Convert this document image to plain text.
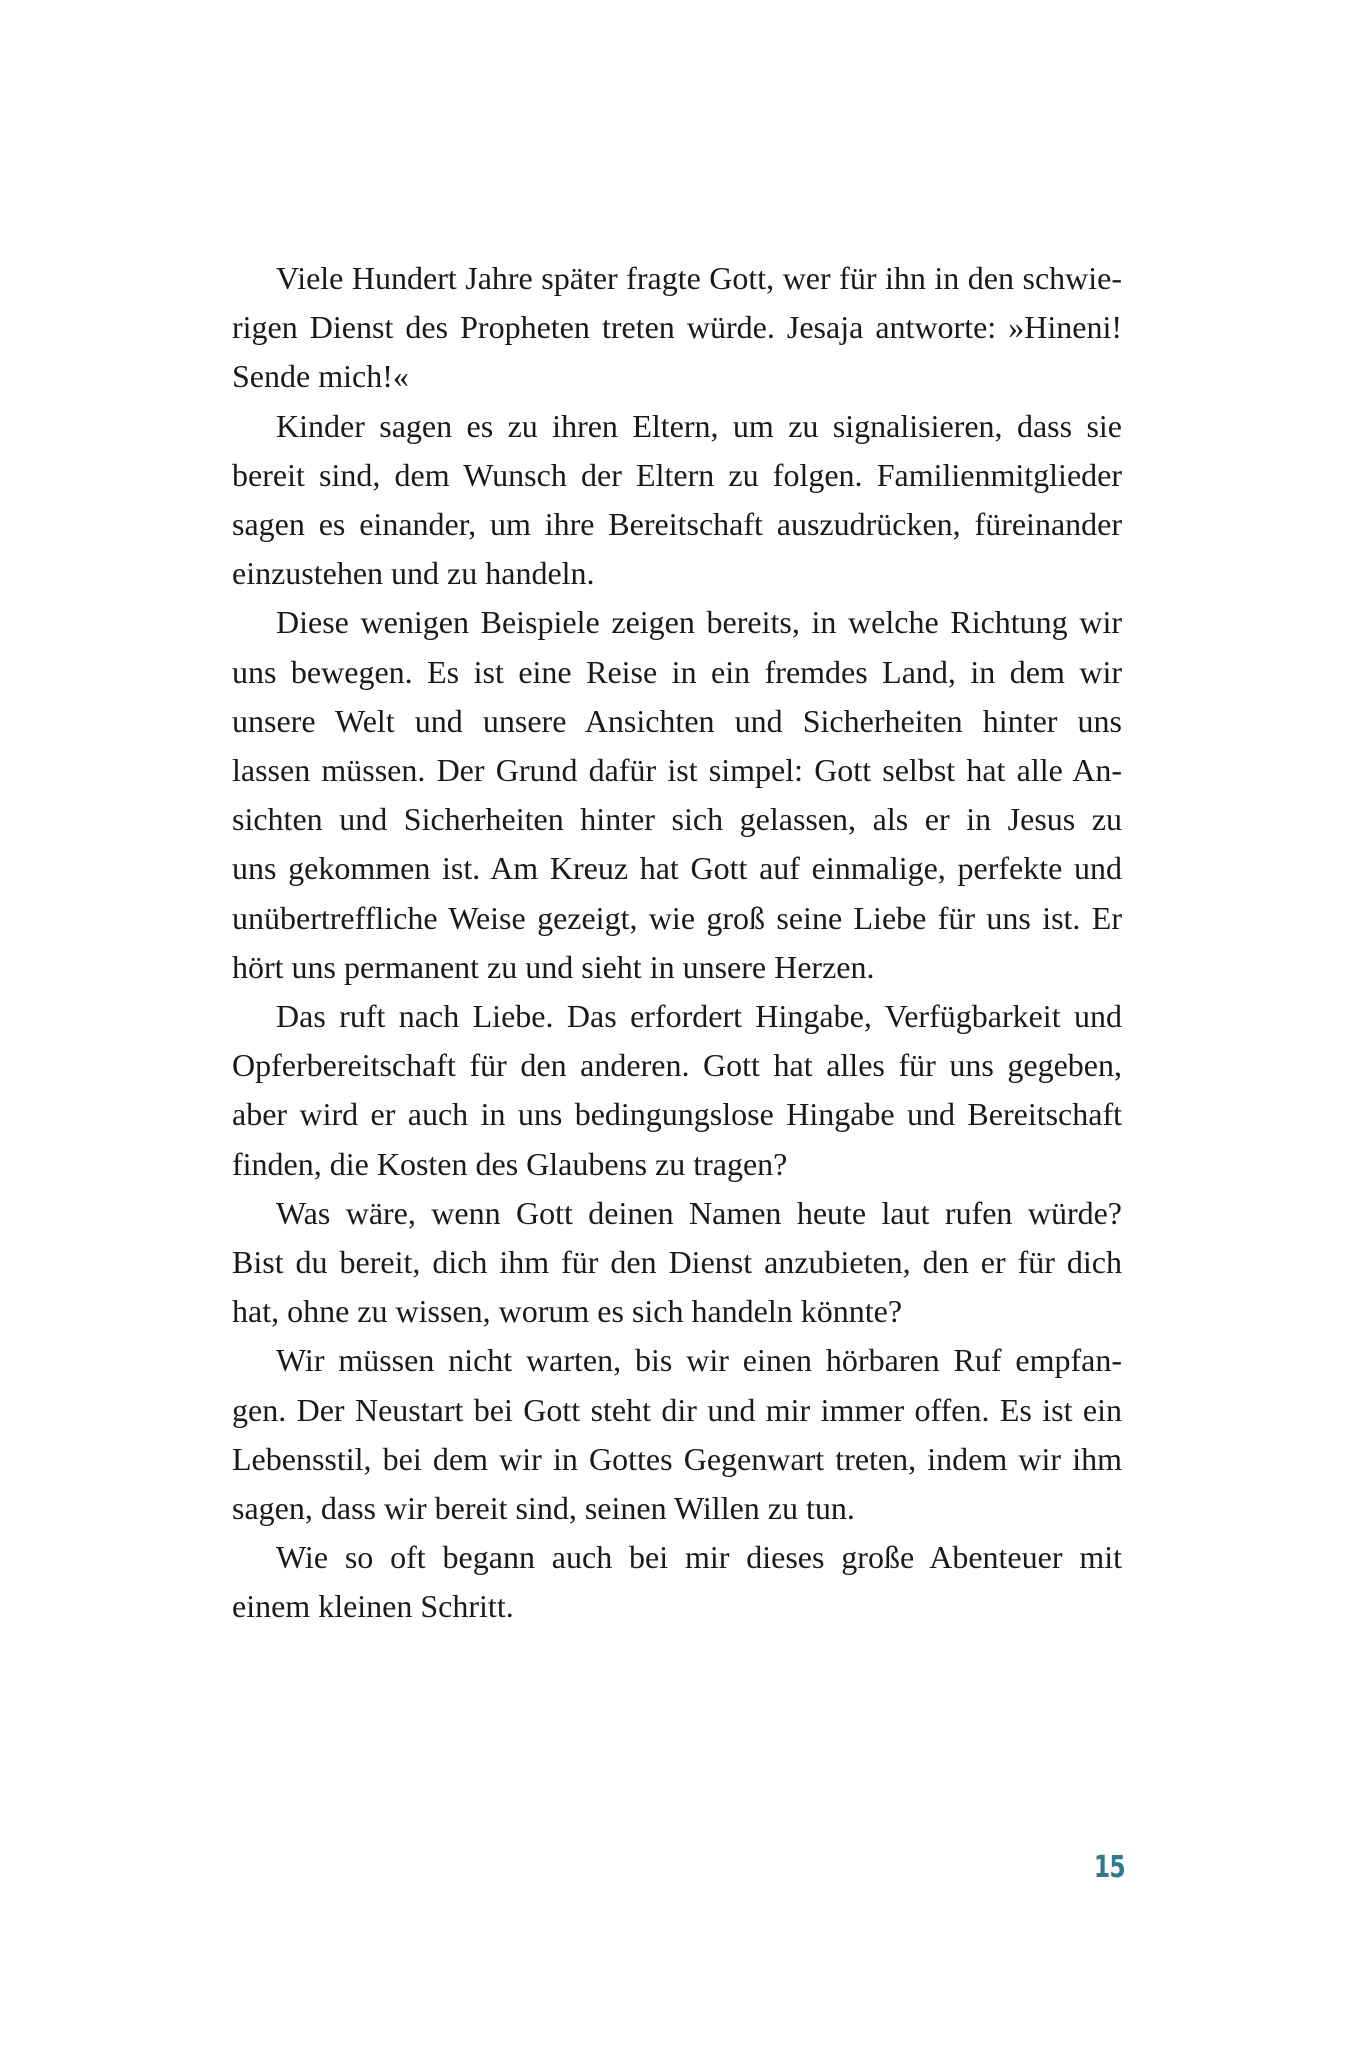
Viele Hundert Jahre später fragte Gott, wer für ihn in den schwie-
rigen Dienst des Propheten treten würde. Jesaja antworte: »Hineni!
Sende mich!«
Kinder sagen es zu ihren Eltern, um zu signalisieren, dass sie
bereit sind, dem Wunsch der Eltern zu folgen. Familienmitglieder
sagen es einander, um ihre Bereitschaft auszudrücken, füreinander
einzustehen und zu handeln.
Diese wenigen Beispiele zeigen bereits, in welche Richtung wir
uns bewegen. Es ist eine Reise in ein fremdes Land, in dem wir
unsere Welt und unsere Ansichten und Sicherheiten hinter uns
lassen müssen. Der Grund dafür ist simpel: Gott selbst hat alle An-
sichten und Sicherheiten hinter sich gelassen, als er in Jesus zu
uns gekommen ist. Am Kreuz hat Gott auf einmalige, perfekte und
unübertreffliche Weise gezeigt, wie groß seine Liebe für uns ist. Er
hört uns permanent zu und sieht in unsere Herzen.
Das ruft nach Liebe. Das erfordert Hingabe, Verfügbarkeit und
Opferbereitschaft für den anderen. Gott hat alles für uns gegeben,
aber wird er auch in uns bedingungslose Hingabe und Bereitschaft
finden, die Kosten des Glaubens zu tragen?
Was wäre, wenn Gott deinen Namen heute laut rufen würde?
Bist du bereit, dich ihm für den Dienst anzubieten, den er für dich
hat, ohne zu wissen, worum es sich handeln könnte?
Wir müssen nicht warten, bis wir einen hörbaren Ruf empfan-
gen. Der Neustart bei Gott steht dir und mir immer offen. Es ist ein
Lebensstil, bei dem wir in Gottes Gegenwart treten, indem wir ihm
sagen, dass wir bereit sind, seinen Willen zu tun.
Wie so oft begann auch bei mir dieses große Abenteuer mit
einem kleinen Schritt.
15
